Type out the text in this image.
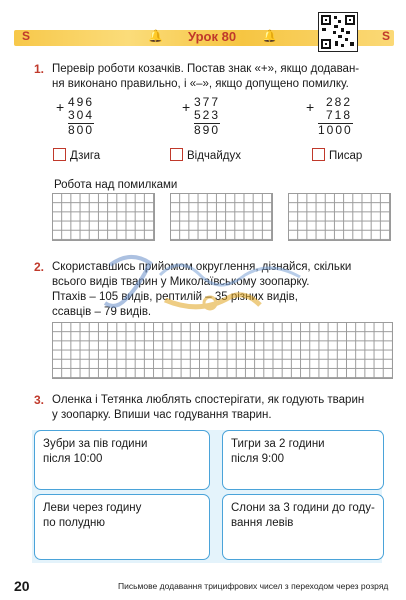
S	🔔 Урок 80 🔔	S
1. Перевір роботи козачків. Постав знак «+», якщо додаван-
ня виконано правильно, і «–», якщо допущено помилку.
+ 496
304
800
Дзига
+ 377
523
890
Відчайдух
+ 282
718
1000
Писар
Робота над помилками
2. Скориставшись прийомом округлення, дізнайся, скільки
всього видів тварин у Миколаївському зоопарку.
Птахів – 105 видів, рептилій – 35 різних видів,
ссавців – 79 видів.
3. Оленка і Тетянка люблять спостерігати, як годують тварин
у зоопарку. Впиши час годування тварин.
Зубри за пів години
після 10:00
Тигри за 2 години
після 9:00
Леви через годину
по полудню
Слони за 3 години до году-
вання левів
20	Письмове додавання трицифрових чисел з переходом через розряд
